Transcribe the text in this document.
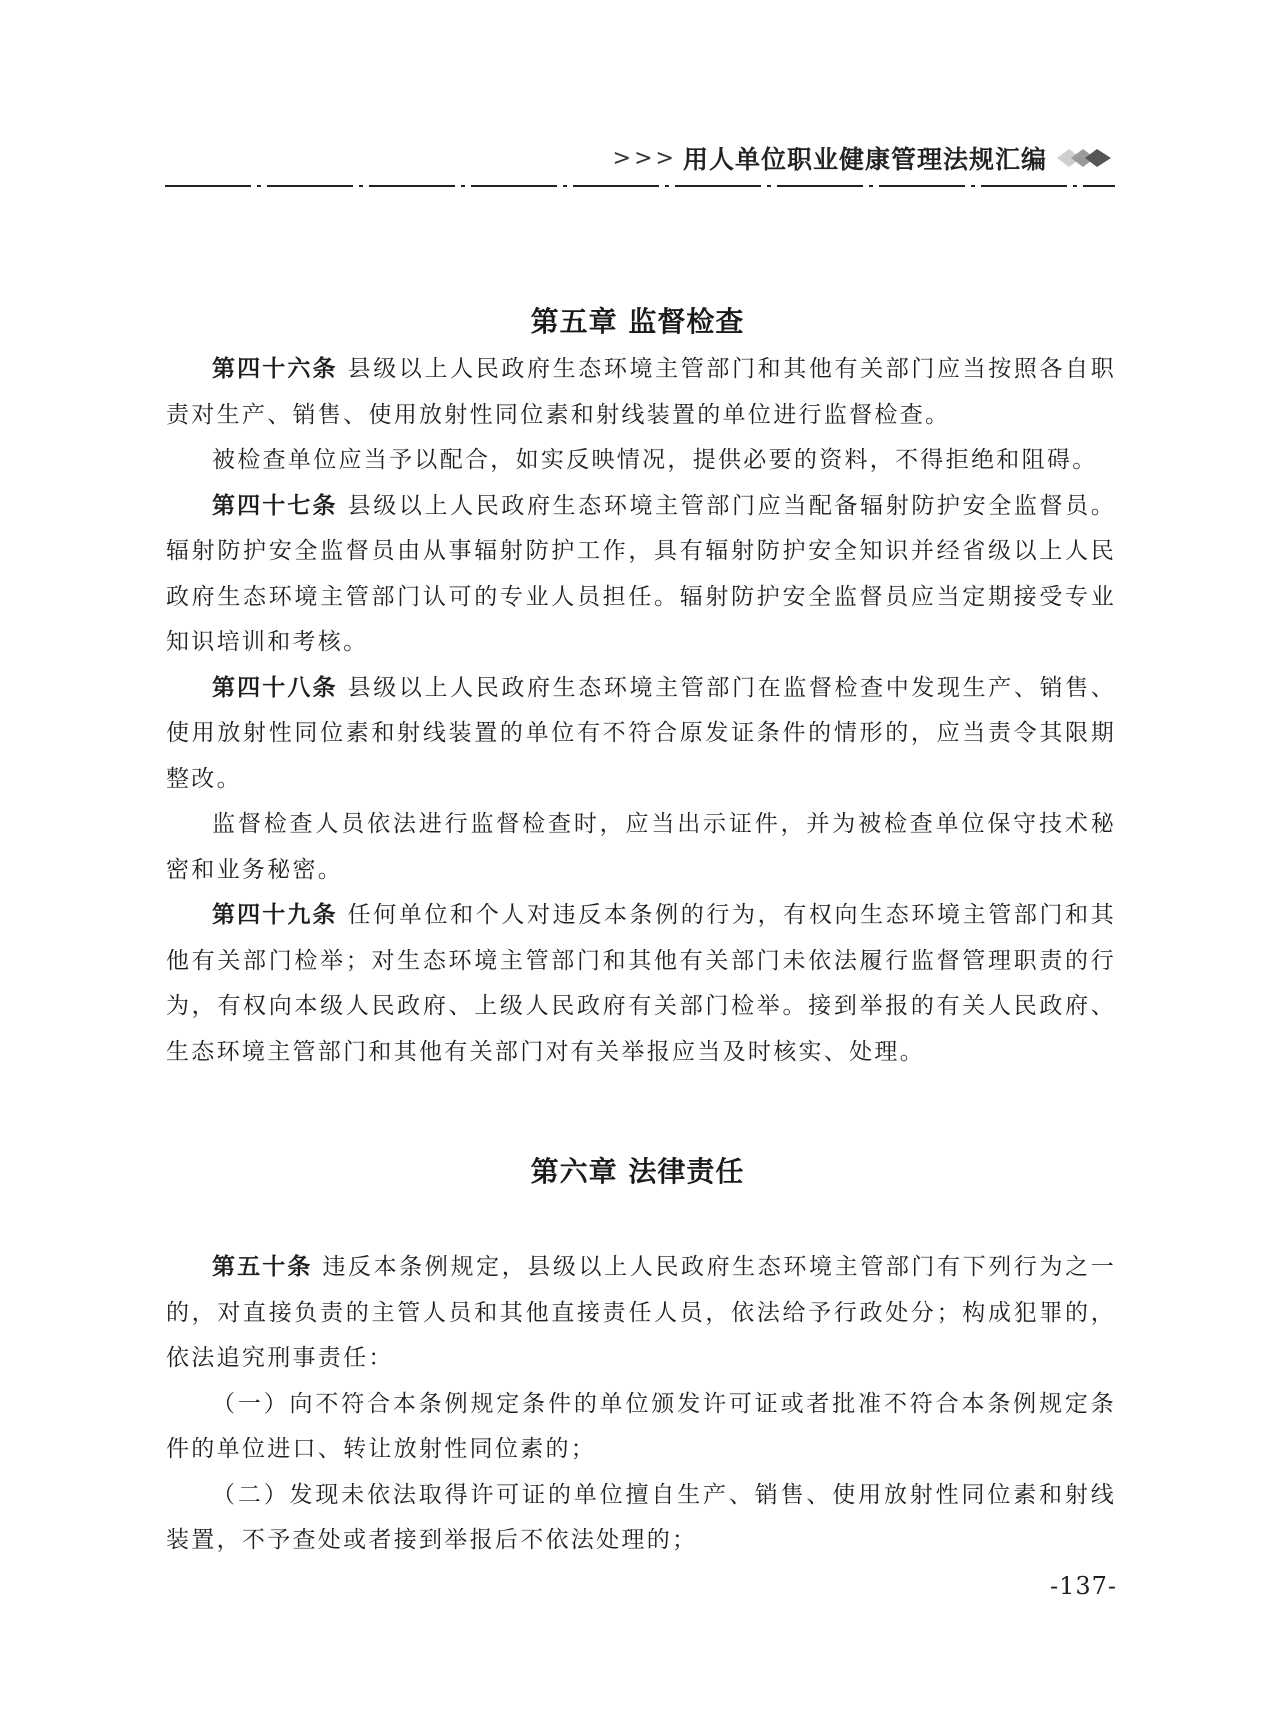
>>> 用人单位职业健康管理法规汇编
第五章 监督检查

第四十六条 县级以上人民政府生态环境主管部门和其他有关部门应当按照各自职责对生产、销售、使用放射性同位素和射线装置的单位进行监督检查。

被检查单位应当予以配合，如实反映情况，提供必要的资料，不得拒绝和阻碍。

第四十七条 县级以上人民政府生态环境主管部门应当配备辐射防护安全监督员。辐射防护安全监督员由从事辐射防护工作，具有辐射防护安全知识并经省级以上人民政府生态环境主管部门认可的专业人员担任。辐射防护安全监督员应当定期接受专业知识培训和考核。

第四十八条 县级以上人民政府生态环境主管部门在监督检查中发现生产、销售、使用放射性同位素和射线装置的单位有不符合原发证条件的情形的，应当责令其限期整改。

监督检查人员依法进行监督检查时，应当出示证件，并为被检查单位保守技术秘密和业务秘密。

第四十九条 任何单位和个人对违反本条例的行为，有权向生态环境主管部门和其他有关部门检举；对生态环境主管部门和其他有关部门未依法履行监督管理职责的行为，有权向本级人民政府、上级人民政府有关部门检举。接到举报的有关人民政府、生态环境主管部门和其他有关部门对有关举报应当及时核实、处理。

第六章 法律责任

第五十条 违反本条例规定，县级以上人民政府生态环境主管部门有下列行为之一的，对直接负责的主管人员和其他直接责任人员，依法给予行政处分；构成犯罪的，依法追究刑事责任：

（一）向不符合本条例规定条件的单位颁发许可证或者批准不符合本条例规定条件的单位进口、转让放射性同位素的；

（二）发现未依法取得许可证的单位擅自生产、销售、使用放射性同位素和射线装置，不予查处或者接到举报后不依法处理的；

-137-
